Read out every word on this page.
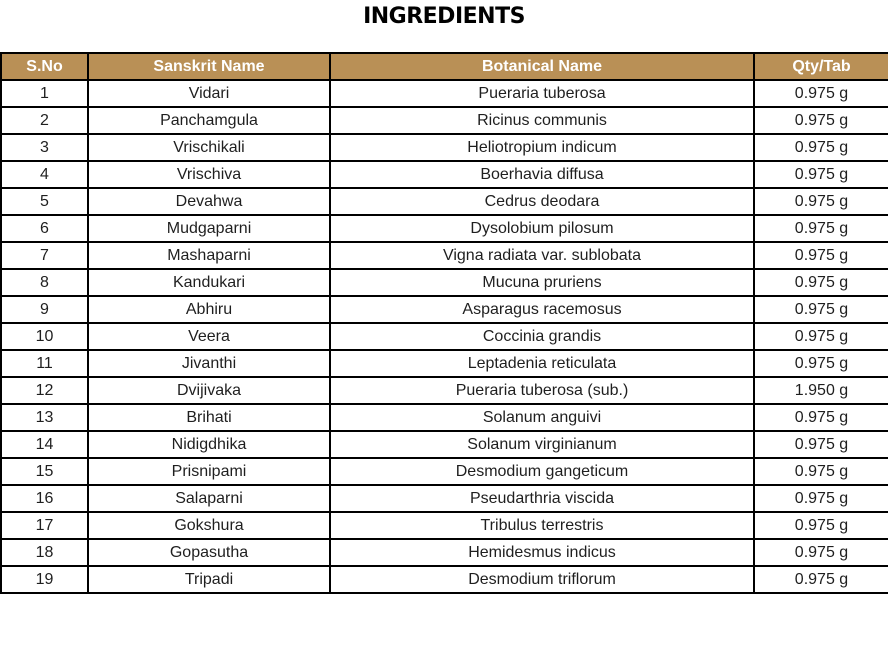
INGREDIENTS
S.No	Sanskrit Name	Botanical Name	Qty/Tab
1	Vidari	Pueraria tuberosa	0.975 g
2	Panchamgula	Ricinus communis	0.975 g
3	Vrischikali	Heliotropium indicum	0.975 g
4	Vrischiva	Boerhavia diffusa	0.975 g
5	Devahwa	Cedrus deodara	0.975 g
6	Mudgaparni	Dysolobium pilosum	0.975 g
7	Mashaparni	Vigna radiata var. sublobata	0.975 g
8	Kandukari	Mucuna pruriens	0.975 g
9	Abhiru	Asparagus racemosus	0.975 g
10	Veera	Coccinia grandis	0.975 g
11	Jivanthi	Leptadenia reticulata	0.975 g
12	Dvijivaka	Pueraria tuberosa (sub.)	1.950 g
13	Brihati	Solanum anguivi	0.975 g
14	Nidigdhika	Solanum virginianum	0.975 g
15	Prisnipami	Desmodium gangeticum	0.975 g
16	Salaparni	Pseudarthria viscida	0.975 g
17	Gokshura	Tribulus terrestris	0.975 g
18	Gopasutha	Hemidesmus indicus	0.975 g
19	Tripadi	Desmodium triflorum	0.975 g
